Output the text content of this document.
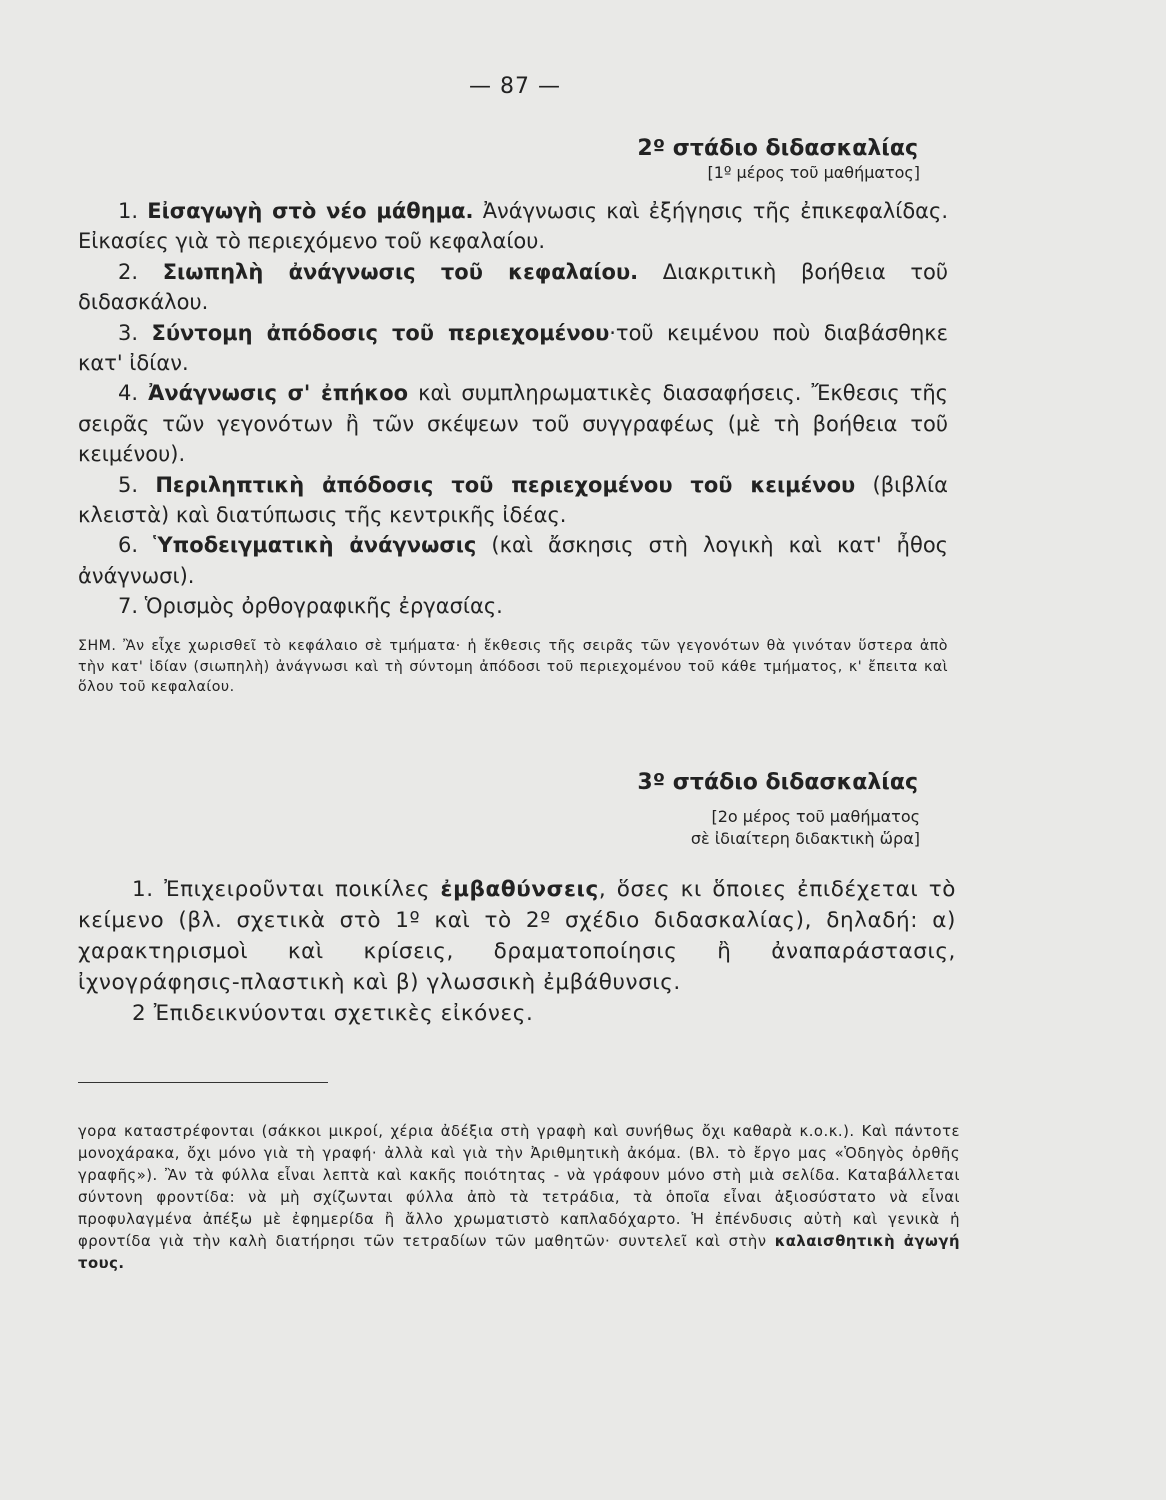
— 87 —
2º στάδιο διδασκαλίας
[1º μέρος τοῦ μαθήματος]

1. Εἰσαγωγὴ στὸ νέο μάθημα. Ἀνάγνωσις καὶ ἐξήγησις τῆς ἐπικεφαλίδας. Εἰκασίες γιὰ τὸ περιεχόμενο τοῦ κεφαλαίου.

2. Σιωπηλὴ ἀνάγνωσις τοῦ κεφαλαίου. Διακριτικὴ βοήθεια τοῦ διδασκάλου.

3. Σύντομη ἀπόδοσις τοῦ περιεχομένου·τοῦ κειμένου ποὺ διαβάσθηκε κατ' ἰδίαν.

4. Ἀνάγνωσις σ' ἐπήκοο καὶ συμπληρωματικὲς διασαφήσεις. Ἔκθεσις τῆς σειρᾶς τῶν γεγονότων ἢ τῶν σκέψεων τοῦ συγγραφέως (μὲ τὴ βοήθεια τοῦ κειμένου).

5. Περιληπτικὴ ἀπόδοσις τοῦ περιεχομένου τοῦ κειμένου (βιβλία κλειστὰ) καὶ διατύπωσις τῆς κεντρικῆς ἰδέας.

6. Ὑποδειγματικὴ ἀνάγνωσις (καὶ ἄσκησις στὴ λογικὴ καὶ κατ' ἦθος ἀνάγνωσι).

7. Ὁρισμὸς ὀρθογραφικῆς ἐργασίας.

ΣΗΜ. Ἂν εἶχε χωρισθεῖ τὸ κεφάλαιο σὲ τμήματα· ἡ ἔκθεσις τῆς σειρᾶς τῶν γεγονότων θὰ γινόταν ὕστερα ἀπὸ τὴν κατ' ἰδίαν (σιωπηλὴ) ἀνάγνωσι καὶ τὴ σύντομη ἀπόδοσι τοῦ περιεχομένου τοῦ κάθε τμήματος, κ' ἔπειτα καὶ ὅλου τοῦ κεφαλαίου.
3º στάδιο διδασκαλίας
[2ο μέρος τοῦ μαθήματος
σὲ ἰδιαίτερη διδακτικὴ ὥρα]

1. Ἐπιχειροῦνται ποικίλες ἐμβαθύνσεις, ὅσες κι ὅποιες ἐπιδέχεται τὸ κείμενο (βλ. σχετικὰ στὸ 1º καὶ τὸ 2º σχέδιο διδασκαλίας), δηλαδή: α) χαρακτηρισμοὶ καὶ κρίσεις, δραματοποίησις ἢ ἀναπαράστασις, ἰχνογράφησις-πλαστικὴ καὶ β) γλωσσικὴ ἐμβάθυνσις.

2 Ἐπιδεικνύονται σχετικὲς εἰκόνες.

γορα καταστρέφονται (σάκκοι μικροί, χέρια ἀδέξια στὴ γραφὴ καὶ συνήθως ὄχι καθαρὰ κ.ο.κ.). Καὶ πάντοτε μονοχάρακα, ὄχι μόνο γιὰ τὴ γραφή· ἀλλὰ καὶ γιὰ τὴν Ἀριθμητικὴ ἀκόμα. (Βλ. τὸ ἔργο μας «Ὁδηγὸς ὀρθῆς γραφῆς»). Ἂν τὰ φύλλα εἶναι λεπτὰ καὶ κακῆς ποιότητας - νὰ γράφουν μόνο στὴ μιὰ σελίδα. Καταβάλλεται σύντονη φροντίδα: νὰ μὴ σχίζωνται φύλλα ἀπὸ τὰ τετράδια, τὰ ὁποῖα εἶναι ἀξιοσύστατο νὰ εἶναι προφυλαγμένα ἀπέξω μὲ ἐφημερίδα ἢ ἄλλο χρωματιστὸ καπλαδόχαρτο. Ἡ ἐπένδυσις αὐτὴ καὶ γενικὰ ἡ φροντίδα γιὰ τὴν καλὴ διατήρησι τῶν τετραδίων τῶν μαθητῶν· συντελεῖ καὶ στὴν καλαισθητικὴ ἀγωγή τους.
